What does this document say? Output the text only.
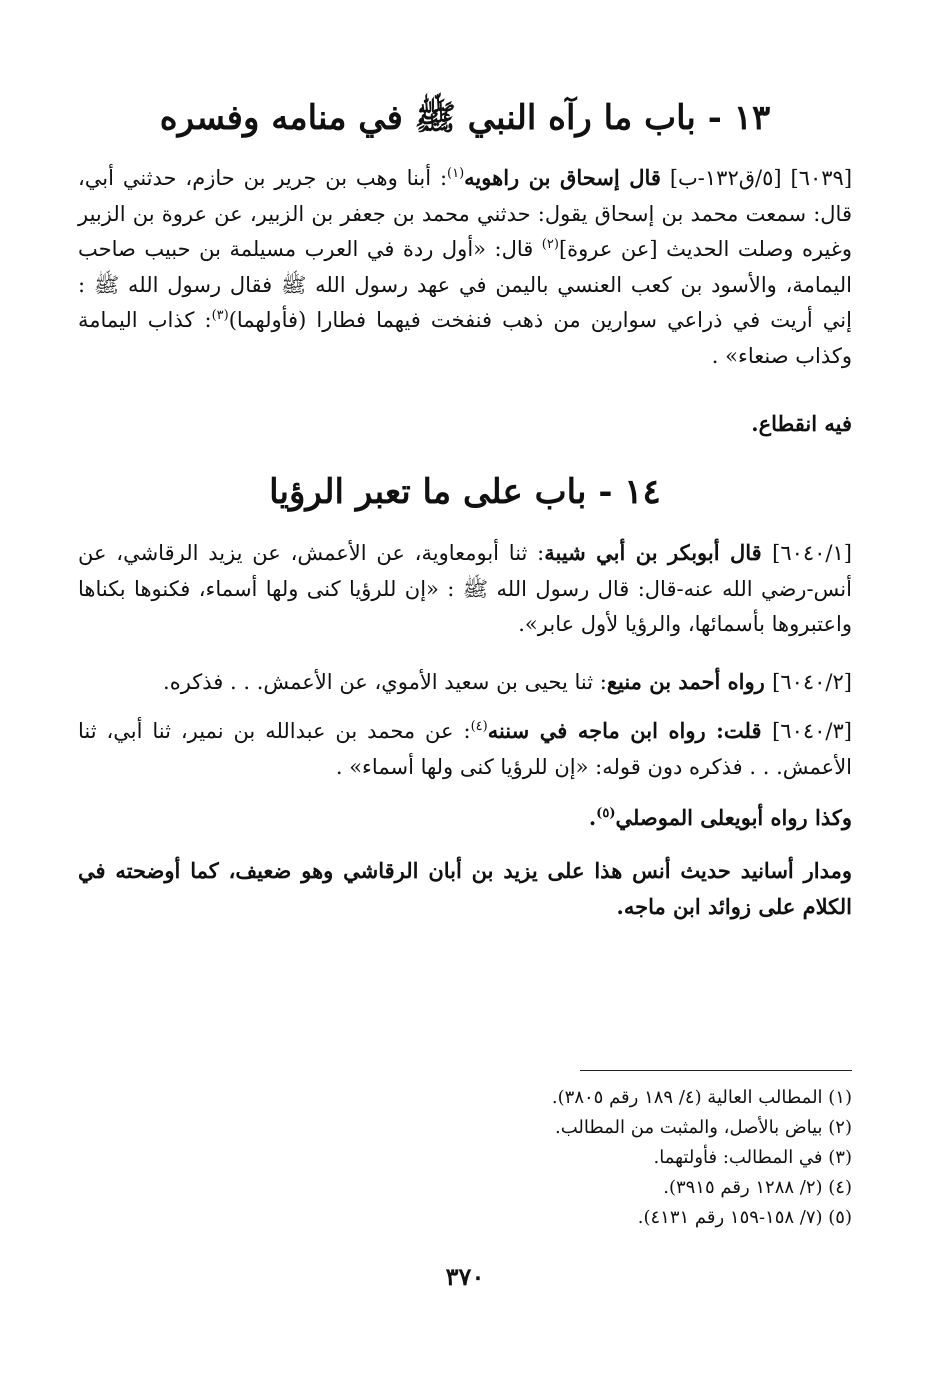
١٣ - باب ما رآه النبي ﷺ في منامه وفسره
[٦٠٣٩] [٥/ق١٣٢-ب] قال إسحاق بن راهويه$^{(١)}$: أبنا وهب بن جرير بن حازم، حدثني أبي، قال: سمعت محمد بن إسحاق يقول: حدثني محمد بن جعفر بن الزبير، عن عروة بن الزبير وغيره وصلت الحديث [عن عروة]$^{(٢)}$ قال: «أول ردة في العرب مسيلمة بن حبيب صاحب اليمامة، والأسود بن كعب العنسي باليمن في عهد رسول الله ﷺ فقال رسول الله ﷺ : إني أريت في ذراعي سوارين من ذهب فنفخت فيهما فطارا (فأولهما)$^{(٣)}$: كذاب اليمامة وكذاب صنعاء» .
فيه انقطاع.
١٤ - باب على ما تعبر الرؤيا
[٦٠٤٠/١] قال أبوبكر بن أبي شيبة: ثنا أبومعاوية، عن الأعمش، عن يزيد الرقاشي، عن أنس-رضي الله عنه-قال: قال رسول الله ﷺ : «إن للرؤيا كنى ولها أسماء، فكنوها بكناها واعتبروها بأسمائها، والرؤيا لأول عابر».
[٦٠٤٠/٢] رواه أحمد بن منيع: ثنا يحيى بن سعيد الأموي، عن الأعمش. . . فذكره.
[٦٠٤٠/٣] قلت: رواه ابن ماجه في سننه$^{(٤)}$: عن محمد بن عبدالله بن نمير، ثنا أبي، ثنا الأعمش. . . فذكره دون قوله: «إن للرؤيا كنى ولها أسماء» .
وكذا رواه أبويعلى الموصلي$^{(٥)}$.
ومدار أسانيد حديث أنس هذا على يزيد بن أبان الرقاشي وهو ضعيف، كما أوضحته في الكلام على زوائد ابن ماجه.
(١) المطالب العالية (٤/ ١٨٩ رقم ٣٨٠٥).
(٢) بياض بالأصل، والمثبت من المطالب.
(٣) في المطالب: فأولتهما.
(٤) (٢/ ١٢٨٨ رقم ٣٩١٥).
(٥) (٧/ ١٥٨-١٥٩ رقم ٤١٣١).
٣٧٠
